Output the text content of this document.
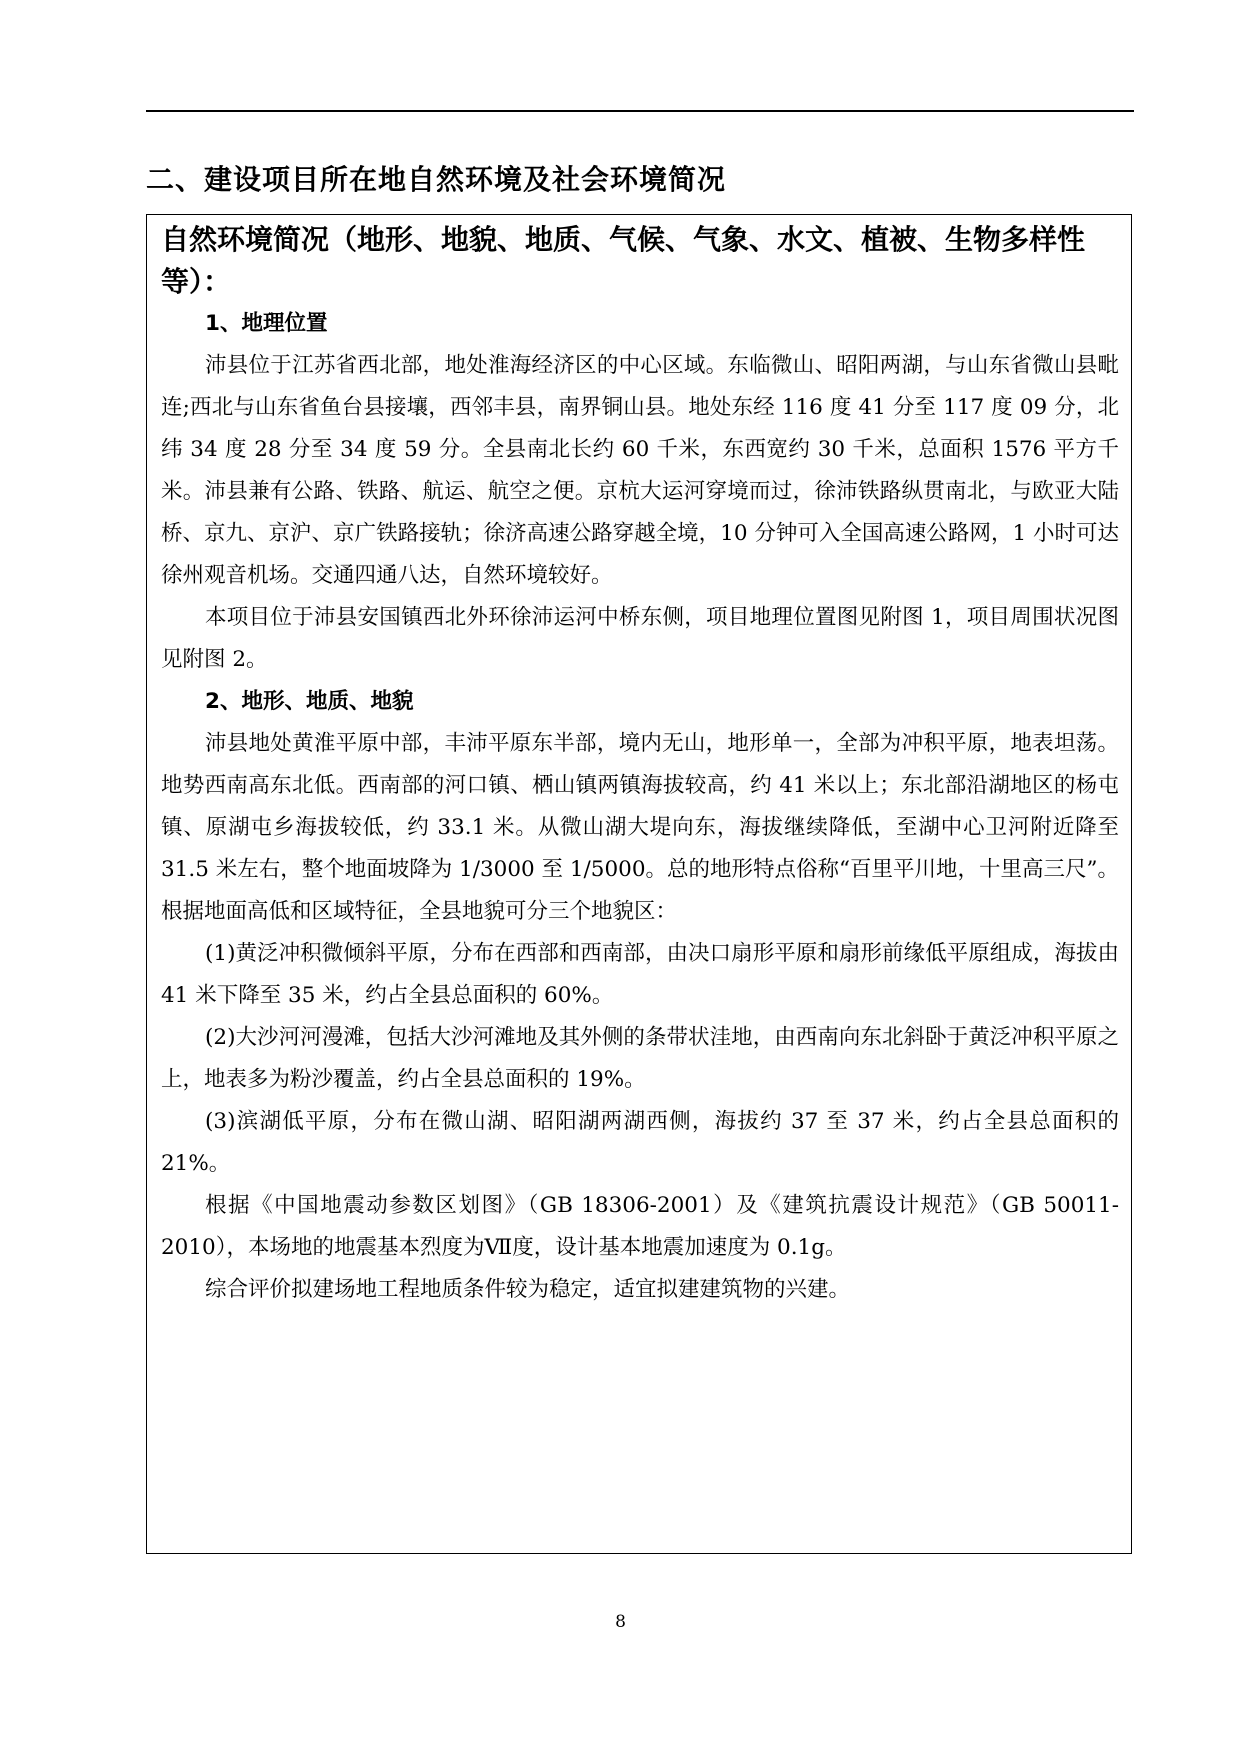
二、建设项目所在地自然环境及社会环境简况
自然环境简况（地形、地貌、地质、气候、气象、水文、植被、生物多样性等）：

1、地理位置

沛县位于江苏省西北部，地处淮海经济区的中心区域。东临微山、昭阳两湖，与山东省微山县毗连;西北与山东省鱼台县接壤，西邻丰县，南界铜山县。地处东经 116 度 41 分至 117 度 09 分，北纬 34 度 28 分至 34 度 59 分。全县南北长约 60 千米，东西宽约 30 千米，总面积 1576 平方千米。沛县兼有公路、铁路、航运、航空之便。京杭大运河穿境而过，徐沛铁路纵贯南北，与欧亚大陆桥、京九、京沪、京广铁路接轨；徐济高速公路穿越全境，10 分钟可入全国高速公路网，1 小时可达徐州观音机场。交通四通八达，自然环境较好。

本项目位于沛县安国镇西北外环徐沛运河中桥东侧，项目地理位置图见附图 1，项目周围状况图见附图 2。

2、地形、地质、地貌

沛县地处黄淮平原中部，丰沛平原东半部，境内无山，地形单一，全部为冲积平原，地表坦荡。地势西南高东北低。西南部的河口镇、栖山镇两镇海拔较高，约 41 米以上；东北部沿湖地区的杨屯镇、原湖屯乡海拔较低，约 33.1 米。从微山湖大堤向东，海拔继续降低，至湖中心卫河附近降至 31.5 米左右，整个地面坡降为 1/3000 至 1/5000。总的地形特点俗称“百里平川地，十里高三尺”。根据地面高低和区域特征，全县地貌可分三个地貌区：

(1)黄泛冲积微倾斜平原，分布在西部和西南部，由决口扇形平原和扇形前缘低平原组成，海拔由 41 米下降至 35 米，约占全县总面积的 60%。

(2)大沙河河漫滩，包括大沙河滩地及其外侧的条带状洼地，由西南向东北斜卧于黄泛冲积平原之上，地表多为粉沙覆盖，约占全县总面积的 19%。

(3)滨湖低平原，分布在微山湖、昭阳湖两湖西侧，海拔约 37 至 37 米，约占全县总面积的 21%。

根据《中国地震动参数区划图》（GB 18306-2001）及《建筑抗震设计规范》（GB 50011-2010），本场地的地震基本烈度为Ⅶ度，设计基本地震加速度为 0.1g。

综合评价拟建场地工程地质条件较为稳定，适宜拟建建筑物的兴建。

8
